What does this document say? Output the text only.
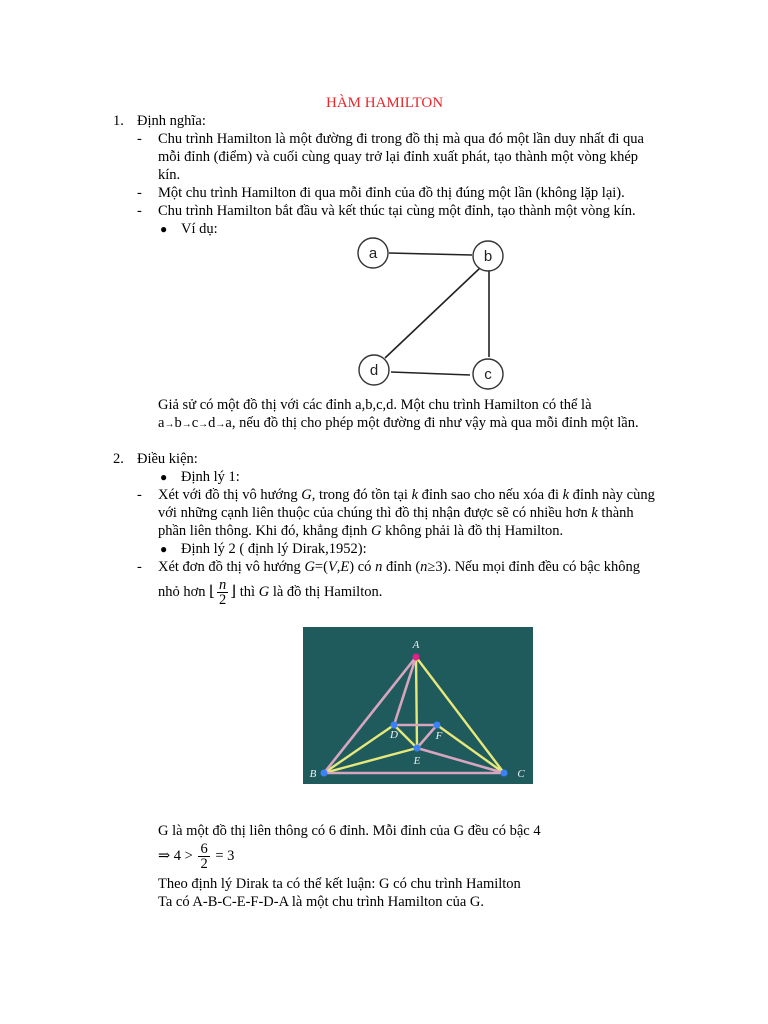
HÀM HAMILTON
1. Định nghĩa:
- Chu trình Hamilton là một đường đi trong đồ thị mà qua đó một lần duy nhất đi qua
mỗi đỉnh (điểm) và cuối cùng quay trở lại đỉnh xuất phát, tạo thành một vòng khép
kín.
- Một chu trình Hamilton đi qua mỗi đỉnh của đồ thị đúng một lần (không lặp lại).
- Chu trình Hamilton bắt đầu và kết thúc tại cùng một đỉnh, tạo thành một vòng kín.
● Ví dụ:
a	b
c
d
Giả sử có một đồ thị với các đỉnh a,b,c,d. Một chu trình Hamilton có thể là
a→b→c→d→a, nếu đồ thị cho phép một đường đi như vậy mà qua mỗi đỉnh một lần.
2. Điều kiện:
● Định lý 1:
- Xét với đồ thị vô hướng G, trong đó tồn tại k đỉnh sao cho nếu xóa đi k đỉnh này cùng
với những cạnh liên thuộc của chúng thì đồ thị nhận được sẽ có nhiều hơn k thành
phần liên thông. Khi đó, khẳng định G không phải là đồ thị Hamilton.
● Định lý 2 ( định lý Dirak,1952):
- Xét đơn đồ thị vô hướng G=(V,E) có n đỉnh (n≥3). Nếu mọi đỉnh đều có bậc không
nhỏ hơn ⌊ $\frac{n}{2}$ ⌋ thì G là đồ thị Hamilton.
A
B	C
D
E
F
G là một đồ thị liên thông có 6 đỉnh. Mỗi đỉnh của G đều có bậc 4
⇒ $4 > \frac{6}{2} = 3$
Theo định lý Dirak ta có thể kết luận: G có chu trình Hamilton
Ta có A-B-C-E-F-D-A là một chu trình Hamilton của G.
